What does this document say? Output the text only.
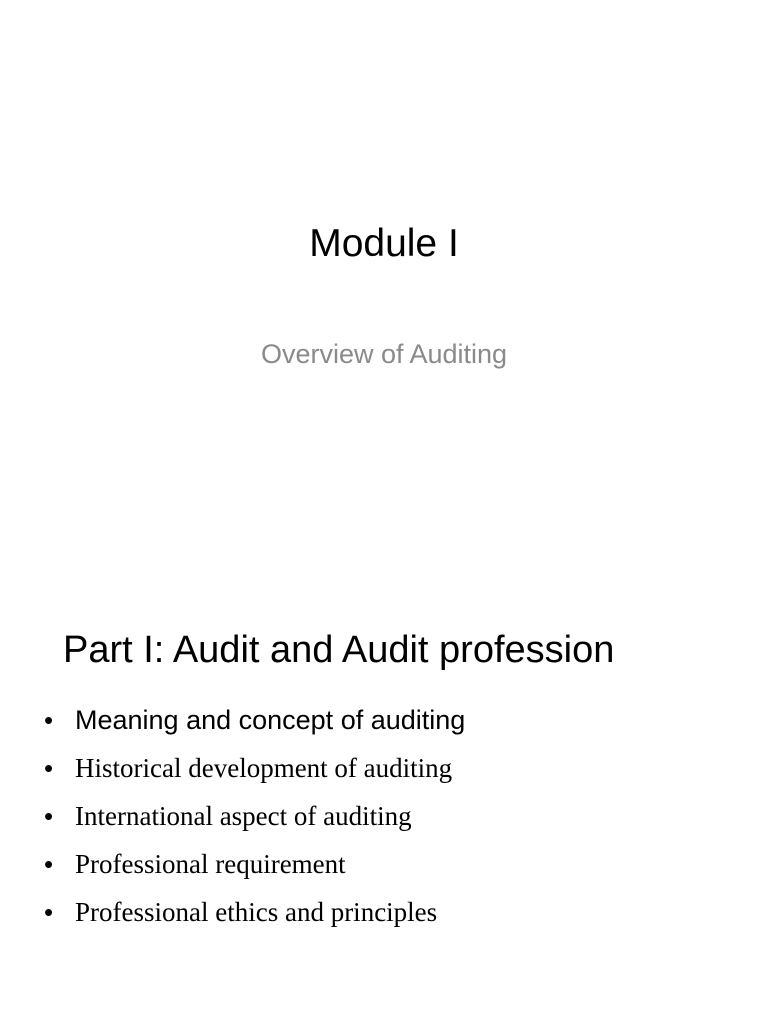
Module I
Overview of Auditing
Part I: Audit and Audit profession
• Meaning and concept of auditing
• Historical development of auditing
• International aspect of auditing
• Professional requirement
• Professional ethics and principles
